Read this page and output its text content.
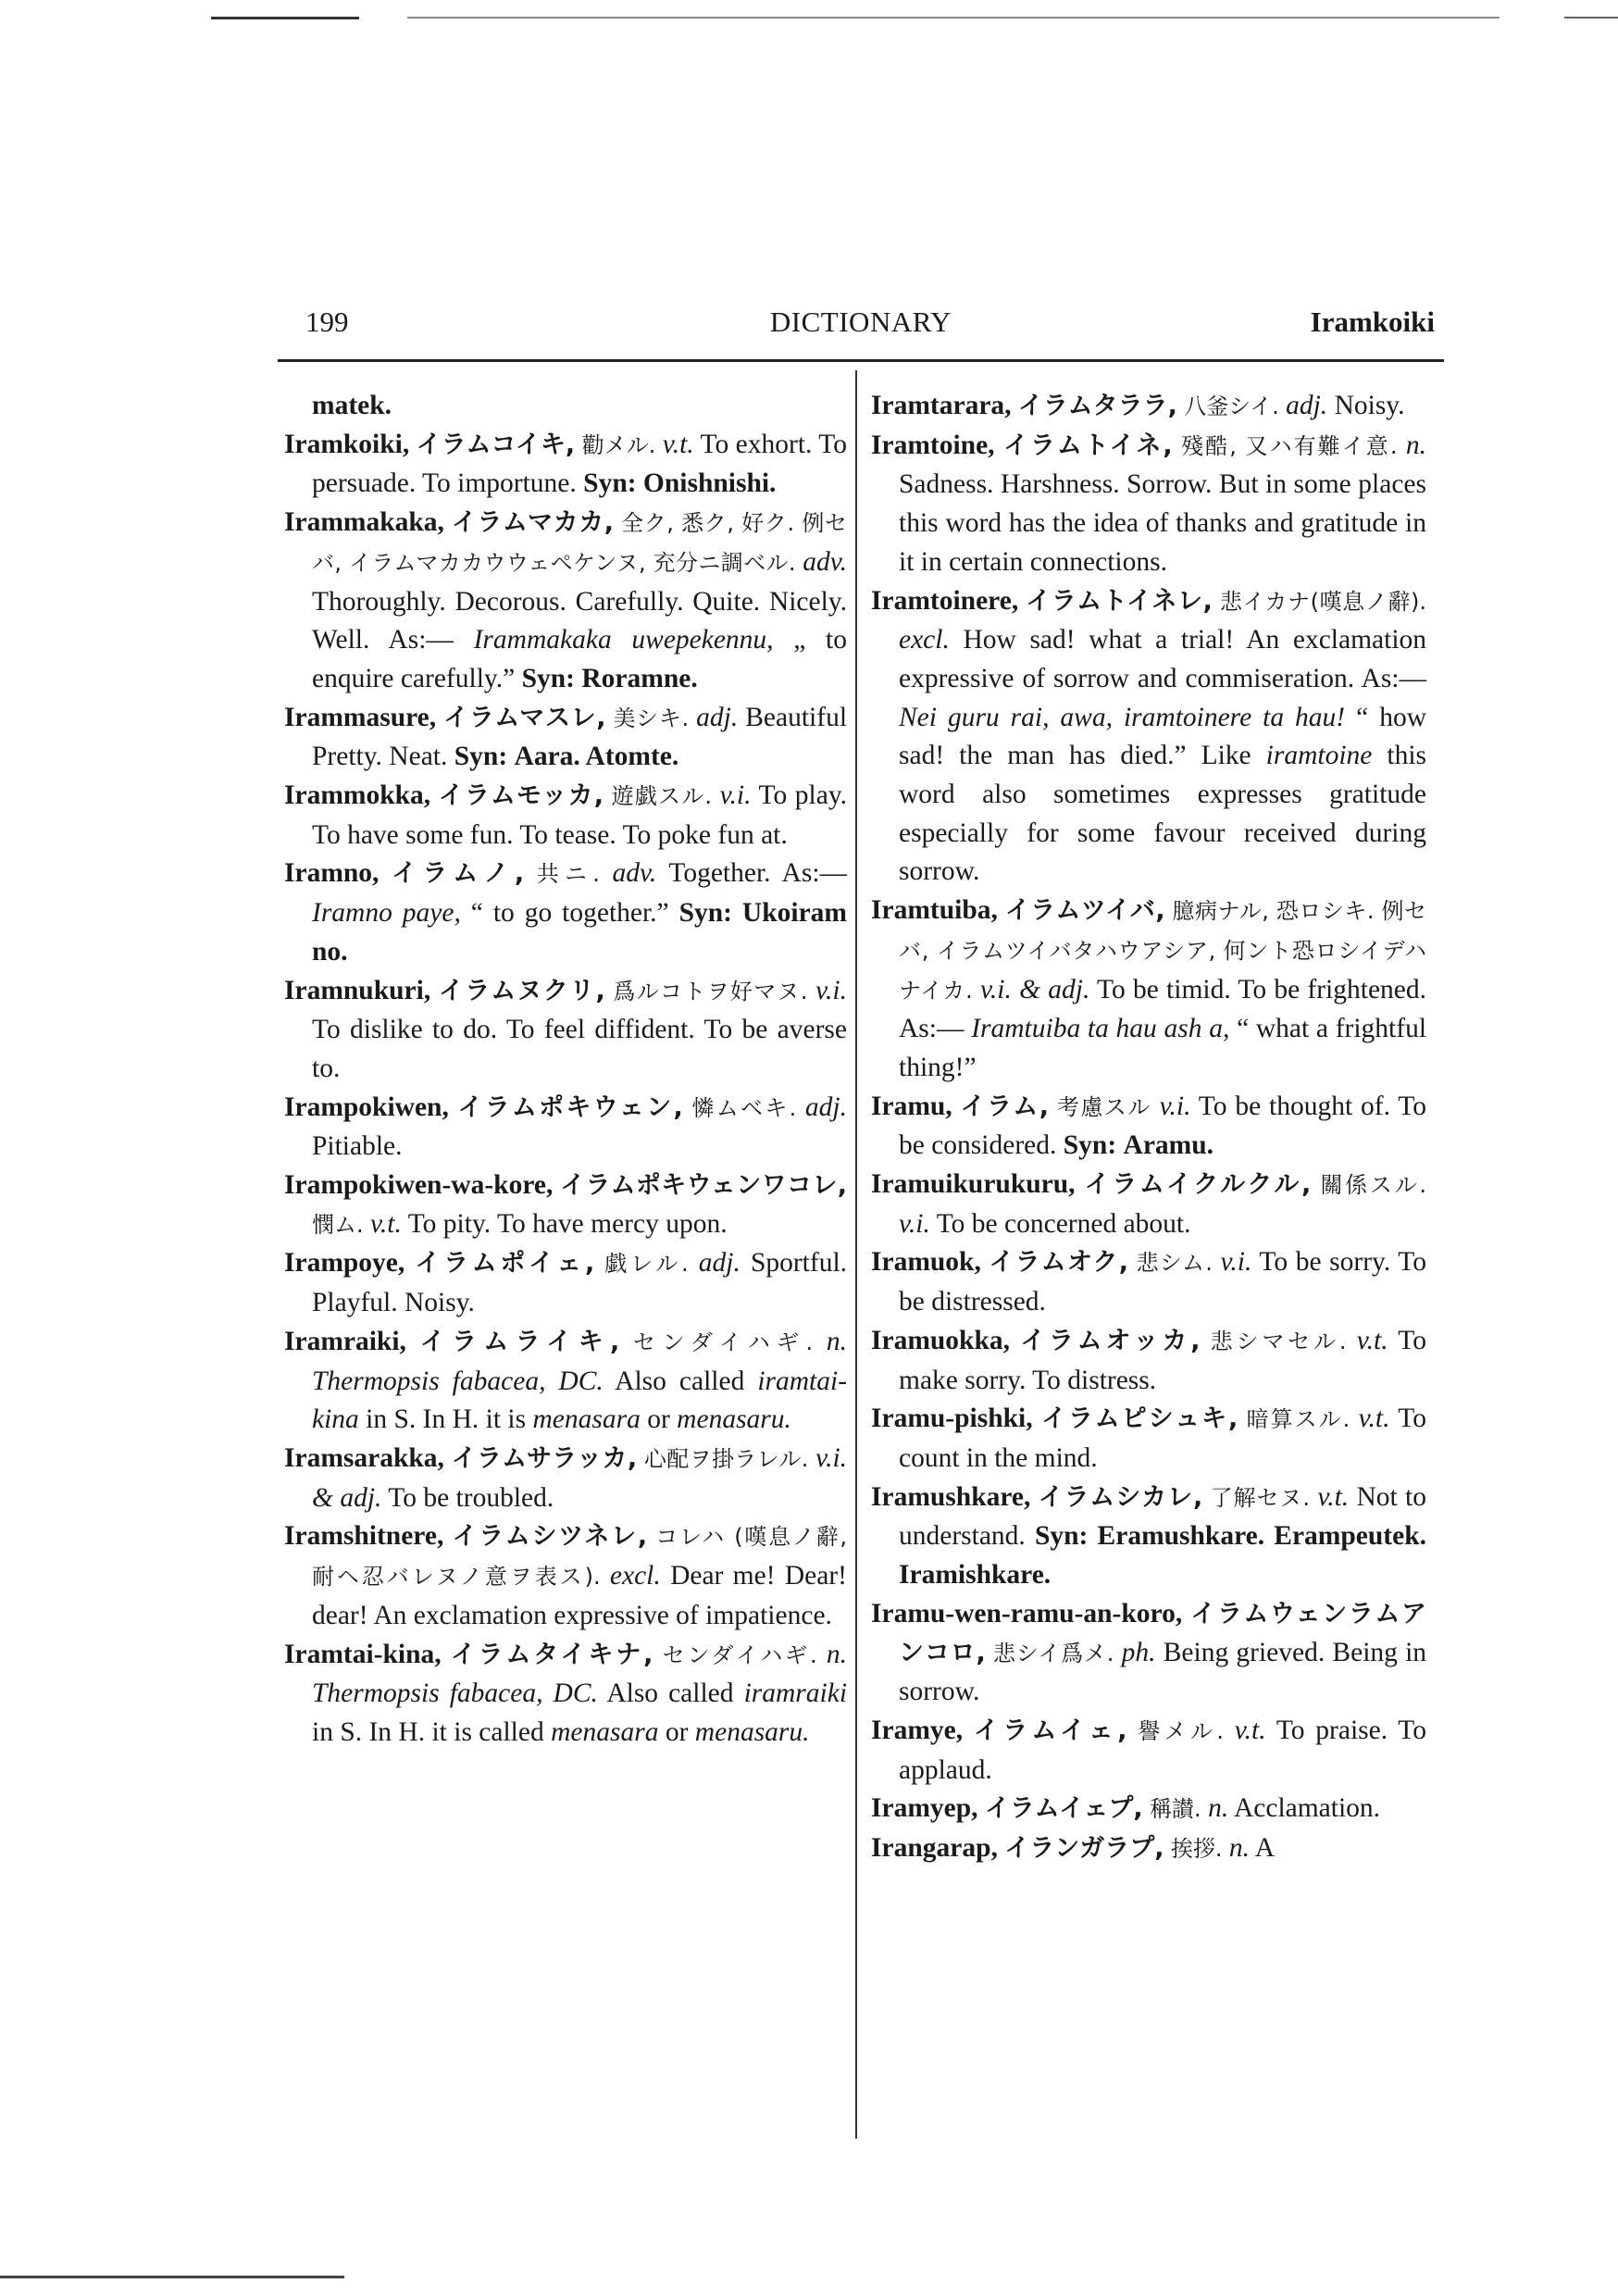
199	DICTIONARY	Iramkoiki
matek.
Iramkoiki, イラムコイキ, 勸メル. v.t. To exhort. To persuade. To importune. Syn: Onishnishi.
Irammakaka, イラムマカカ, 全ク, 悉ク, 好ク. 例セバ, イラムマカカウウェペケンヌ, 充分ニ調ベル. adv. Thoroughly. Decorous. Carefully. Quite. Nicely. Well. As:— Irammakaka uwepekennu, „ to enquire carefully.” Syn: Roramne.
Irammasure, イラムマスレ, 美シキ. adj. Beautiful Pretty. Neat. Syn: Aara. Atomte.
Irammokka, イラムモッカ, 遊戯スル. v.i. To play. To have some fun. To tease. To poke fun at.
Iramno, イラムノ, 共ニ. adv. Together. As:— Iramno paye, “ to go together.” Syn: Ukoiram no.
Iramnukuri, イラムヌクリ, 爲ルコトヲ好マヌ. v.i. To dislike to do. To feel diffident. To be averse to.
Irampokiwen, イラムポキウェン, 憐ムベキ. adj. Pitiable.
Irampokiwen-wa-kore, イラムポキウェンワコレ, 憫ム. v.t. To pity. To have mercy upon.
Irampoye, イラムポイェ, 戯レル. adj. Sportful. Playful. Noisy.
Iramraiki, イラムライキ, センダイハギ. n. Thermopsis fabacea, DC. Also called iramtai-kina in S. In H. it is menasara or menasaru.
Iramsarakka, イラムサラッカ, 心配ヲ掛ラレル. v.i. & adj. To be troubled.
Iramshitnere, イラムシツネレ, コレハ (嘆息ノ辭, 耐ヘ忍バレヌノ意ヲ表ス). excl. Dear me! Dear! dear! An exclamation expressive of impatience.
Iramtai-kina, イラムタイキナ, センダイハギ. n. Thermopsis fabacea, DC. Also called iramraiki in S. In H. it is called menasara or menasaru.
Iramtarara, イラムタララ, 八釜シイ. adj. Noisy.
Iramtoine, イラムトイネ, 殘酷, 又ハ有難イ意. n. Sadness. Harshness. Sorrow. But in some places this word has the idea of thanks and gratitude in it in certain connections.
Iramtoinere, イラムトイネレ, 悲イカナ(嘆息ノ辭). excl. How sad! what a trial! An exclamation expressive of sorrow and commiseration. As:— Nei guru rai, awa, iramtoinere ta hau! “ how sad! the man has died.” Like iramtoine this word also sometimes expresses gratitude especially for some favour received during sorrow.
Iramtuiba, イラムツイバ, 臆病ナル, 恐ロシキ. 例セバ, イラムツイバタハウアシア, 何ント恐ロシイデハナイカ. v.i. & adj. To be timid. To be frightened. As:— Iramtuiba ta hau ash a, “ what a frightful thing!”
Iramu, イラム, 考慮スル v.i. To be thought of. To be considered. Syn: Aramu.
Iramuikurukuru, イラムイクルクル, 關係スル. v.i. To be concerned about.
Iramuok, イラムオク, 悲シム. v.i. To be sorry. To be distressed.
Iramuokka, イラムオッカ, 悲シマセル. v.t. To make sorry. To distress.
Iramu-pishki, イラムピシュキ, 暗算スル. v.t. To count in the mind.
Iramushkare, イラムシカレ, 了解セヌ. v.t. Not to understand. Syn: Eramushkare. Erampeutek. Iramishkare.
Iramu-wen-ramu-an-koro, イラムウェンラムアンコロ, 悲シイ爲メ. ph. Being grieved. Being in sorrow.
Iramye, イラムイェ, 譽メル. v.t. To praise. To applaud.
Iramyep, イラムイェプ, 稱讃. n. Acclamation.
Irangarap, イランガラプ, 挨拶. n. A
